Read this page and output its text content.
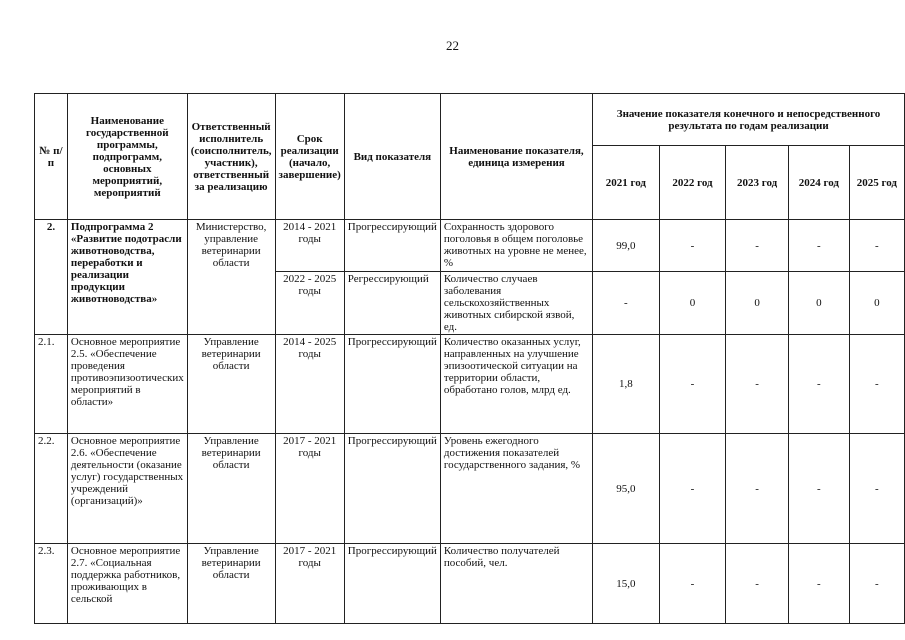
22
№ п/п	Наименование государственной программы, подпрограмм, основных мероприятий, мероприятий	Ответственный исполнитель (соисполнитель, участник), ответственный за реализацию	Срок реализации (начало, завершение)	Вид показателя	Наименование показателя, единица измерения	Значение показателя конечного и непосредственного результата по годам реализации				
						2021 год	2022 год	2023 год	2024 год	2025 год
2.	Подпрограмма 2 «Развитие подотрасли животноводства, переработки и реализации продукции животноводства»	Министерство, управление ветеринарии области	2014 - 2021 годы	Прогрессирующий	Сохранность здорового поголовья в общем поголовье животных на уровне не менее, %	99,0	-	-	-	-
			2022 - 2025 годы	Регрессирующий	Количество случаев заболевания сельскохозяйственных животных сибирской язвой, ед.	-	0	0	0	0
2.1.	Основное мероприятие 2.5. «Обеспечение проведения противоэпизоотических мероприятий в области»	Управление ветеринарии области	2014 - 2025 годы	Прогрессирующий	Количество оказанных услуг, направленных на улучшение эпизоотической ситуации на территории области, обработано голов, млрд ед.	1,8	-	-	-	-
2.2.	Основное мероприятие 2.6. «Обеспечение деятельности (оказание услуг) государственных учреждений (организаций)»	Управление ветеринарии области	2017 - 2021 годы	Прогрессирующий	Уровень ежегодного достижения показателей государственного задания, %	95,0	-	-	-	-
2.3.	Основное мероприятие 2.7. «Социальная поддержка работников, проживающих в сельской	Управление ветеринарии области	2017 - 2021 годы	Прогрессирующий	Количество получателей пособий, чел.	15,0	-	-	-	-
